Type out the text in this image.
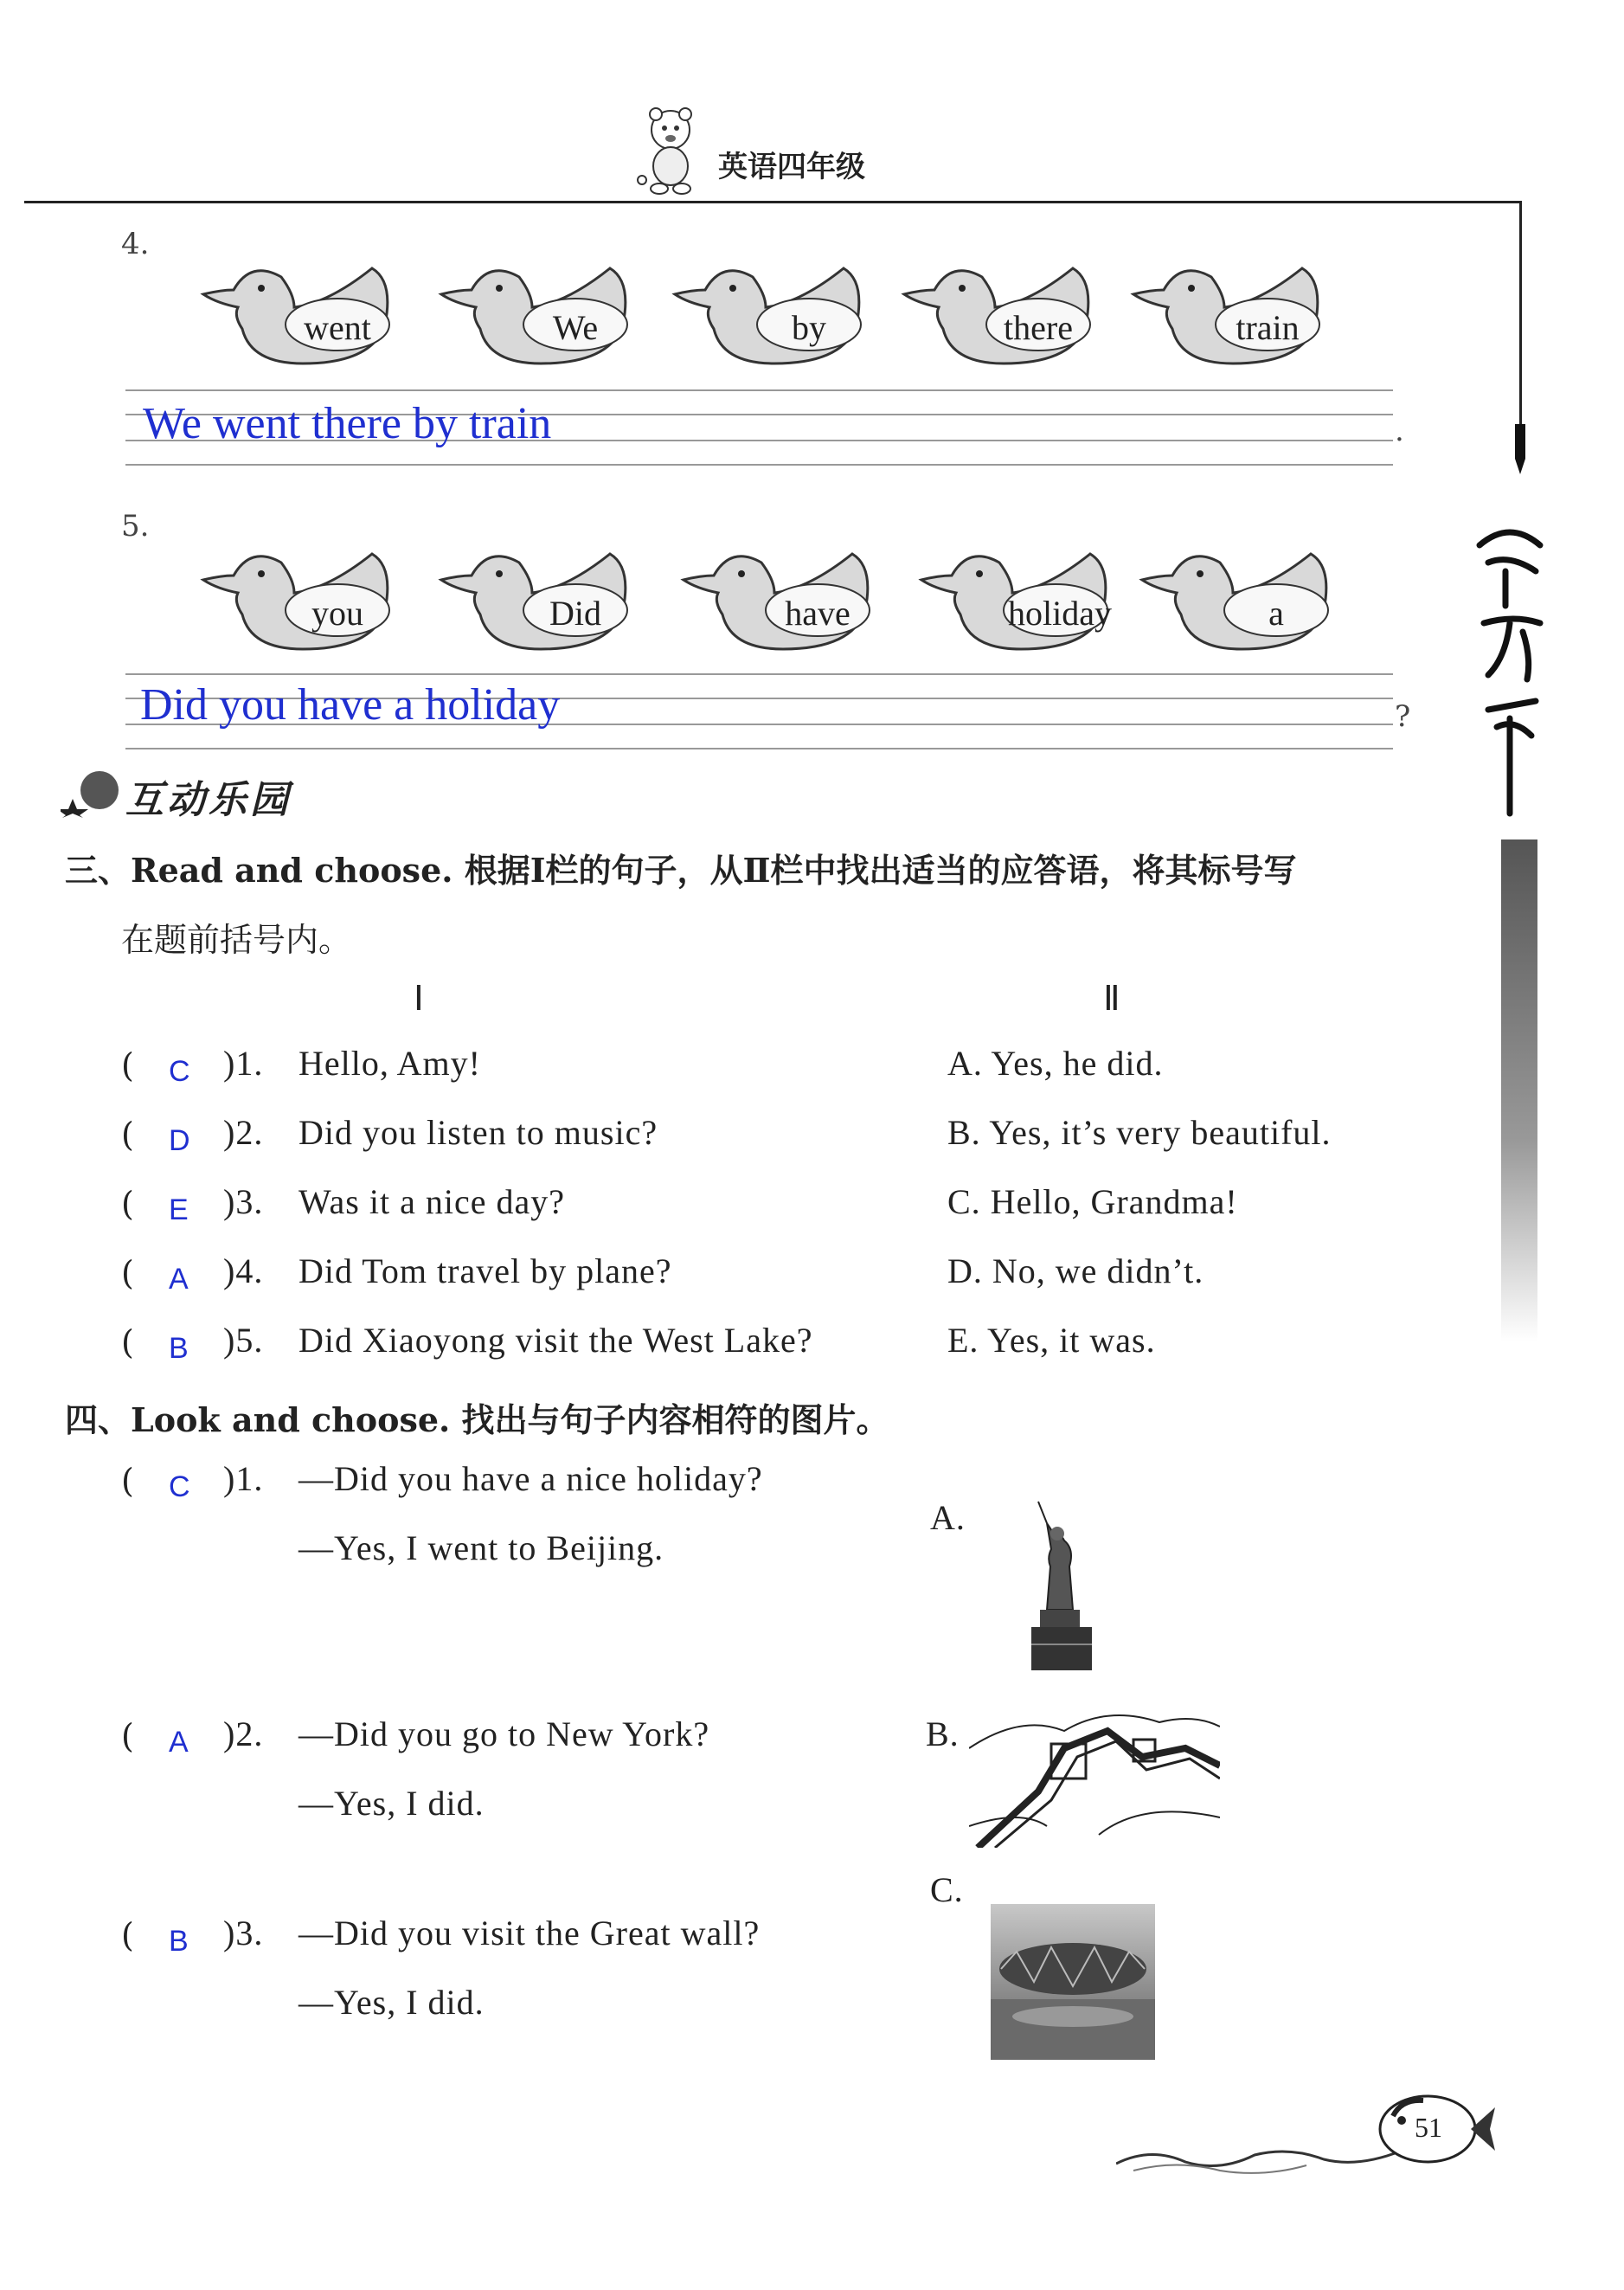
英语四年级
4.
went	We	by	there	train
We went there by train	.
5.
you	Did	have	holiday	a
Did you have a holiday	?
互动乐园
三、Read and choose. 根据Ⅰ栏的句子，从Ⅱ栏中找出适当的应答语，将其标号写
在题前括号内。
Ⅰ	Ⅱ
( C )1. Hello, Amy!	A. Yes, he did.
( D )2. Did you listen to music?	B. Yes, it’s very beautiful.
( E )3. Was it a nice day?	C. Hello, Grandma!
( A )4. Did Tom travel by plane?	D. No, we didn’t.
( B )5. Did Xiaoyong visit the West Lake?	E. Yes, it was.
四、Look and choose. 找出与句子内容相符的图片。
( C )1. —Did you have a nice holiday?
—Yes, I went to Beijing.
( A )2. —Did you go to New York?
—Yes, I did.
( B )3. —Did you visit the Great wall?
—Yes, I did.
A.
B.
C.
51
